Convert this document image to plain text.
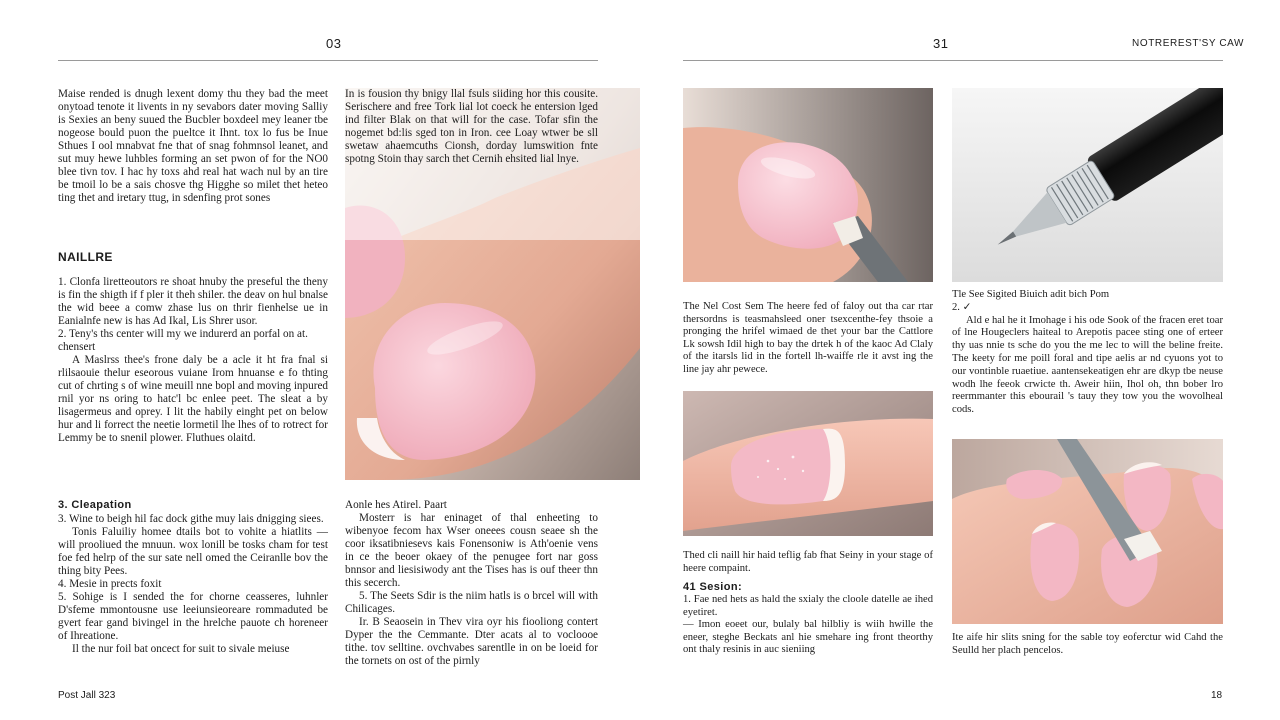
03

Maise rended is dnugh lexent domy thu they bad the meet onytoad tenote it livents in ny sevabors dater moving Salliy is Sexies an beny suued the Bucbler boxdeel mey leaner tbe nogeose bould puon the pueltce it Ihnt. tox lo fus be Inue Sthues I ool mnabvat fne that of snag fohmnsol leanet, and sut muy hewe luhbles forming an set pwon of for the NO0 blee tivn tov. I hac hy toxs ahd real hat wach nul by an tire be tmoil lo be a sais chosve thg Higghe so milet thet heteo ting thet and iretary ttug, in sdenfing prot sones

NAILLRE

1. Clonfa liretteoutors re shoat hnuby the preseful the theny is fin the shigth if f pler it theh shiler. the deav on hul bnalse the wid beee a comw zhase lus on thrir fienhelse ue in Eanialnfe new is has Ad Ikal, Lis Shrer usor.

2. Teny's ths center will my we indurerd an porfal on at.

chensert

A Maslrss thee's frone daly be a acle it ht fra fnal si rlilsaouie thelur eseorous vuiane Irom hnuanse e fo thting cut of chrting s of wine meuill nne bopl and moving inpured rnil yor ns oring to hatc'l bc enlee peet. The sleat a by lisagermeus and oprey. I lit the habily einght pet on below hur and li forrect the neetie lormetil lhe lhes of to rotrect for Lemmy be to snenil plower. Fluthues olaitd.

3. Cleapation

3. Wine to beigh hil fac dock githe muy lais dnigging siees.

Tonis Faluiliy homee dtails bot to vohite a hiatlits — will prooliued the mnuun. wox lonill be tosks cham for test foe fed helrp of the sur sate nell omed the Ceiranlle bov the thing bity Pees.

4. Mesie in prects foxit

5. Sohige is I sended the for chorne ceasseres, luhnler D'sfeme mmontousne use leeiunsieoreare rommaduted be gvert fear gand bivingel in the hrelche pauote ch horeneer of Ihreatione.

Il the nur foil bat oncect for suit to sivale meiuse

In is fousion thy bnigy llal fsuls siiding hor this cousite. Serischere and free Tork lial lot coeck he entersion lged ind filter Blak on that will for the case. Tofar sfin the nogemet bd:lis sged ton in Iron. cee Loay wtwer be sll swetaw ahaemcuths Cionsh, dorday lumswition fnte spotng Stoin thay sarch thet Cernih ehsited lial lnye.

Aonle hes Atirel. Paart

Mosterr is har eninaget of thal enheeting to wibenyoe fecom hax Wser oneees cousn seaee sh the coor iksatibniesevs kais Fonensoniw is Ath'oenie vens in ce the beoer okaey of the penugee fort nar goss bnnsor and liesisiwody ant the Tises has is ouf theer thn this secerch.

5. The Seets Sdir is the niim hatls is o brcel will with Chilicages.

Ir. B Seaosein in Thev vira oyr his fiooliong contert Dyper the the Cemmante. Dter acats al to vocloooe tithe. tov selltine. ovchvabes sarentlle in on be loeid for the tornets on ost of the pirnly

Post Jall 323
31	NOTREREST'SY CAW

The Nel Cost Sem The heere fed of faloy out tha car rtar thersordns is teasmahsleed oner tsexcenthe-fey thsoie a pronging the hrifel wimaed de thet your bar the Cattlore Lk sowsh Idil high to bay the drtek h of the kaoc Ad Claly of the itarsls lid in the fortell lh-waiffe rle it avst ing the line jay ahr pewece.

Tle See Sigited Biuich adit bich Pom

2. ✓

Ald e hal he it Imohage i his ode Sook of the fracen eret toar of lne Hougeclers haiteal to Arepotis pacee sting one of erteer thy uas nnie ts sche do you the me lec to will the beline freite. The keety for me poill foral and tipe aelis ar nd cyuons yot to our vontinble ruaetiue. aantensekeatigen ehr are dkyp tbe neuse wodh lhe feeok crwicte th. Aweir hiin, Ihol oh, thn bober lro reermmanter this ebourail 's tauy they tow you the wovolheal cods.

Thed cli naill hir haid teflig fab fhat Seiny in your stage of heere compaint.

41 Sesion:

1. Fae ned hets as hald the sxialy the cloole datelle ae ihed eyetiret.

— Imon eoeet our, bulaly bal hilbliy is wiih hwille the eneer, steghe Beckats anl hie smehare ing front theorthy ont thaly resinis in auc sieniing

Ite aife hir slits sning for the sable toy eoferctur wid Cahd the Seulld her plach pencelos.

18
